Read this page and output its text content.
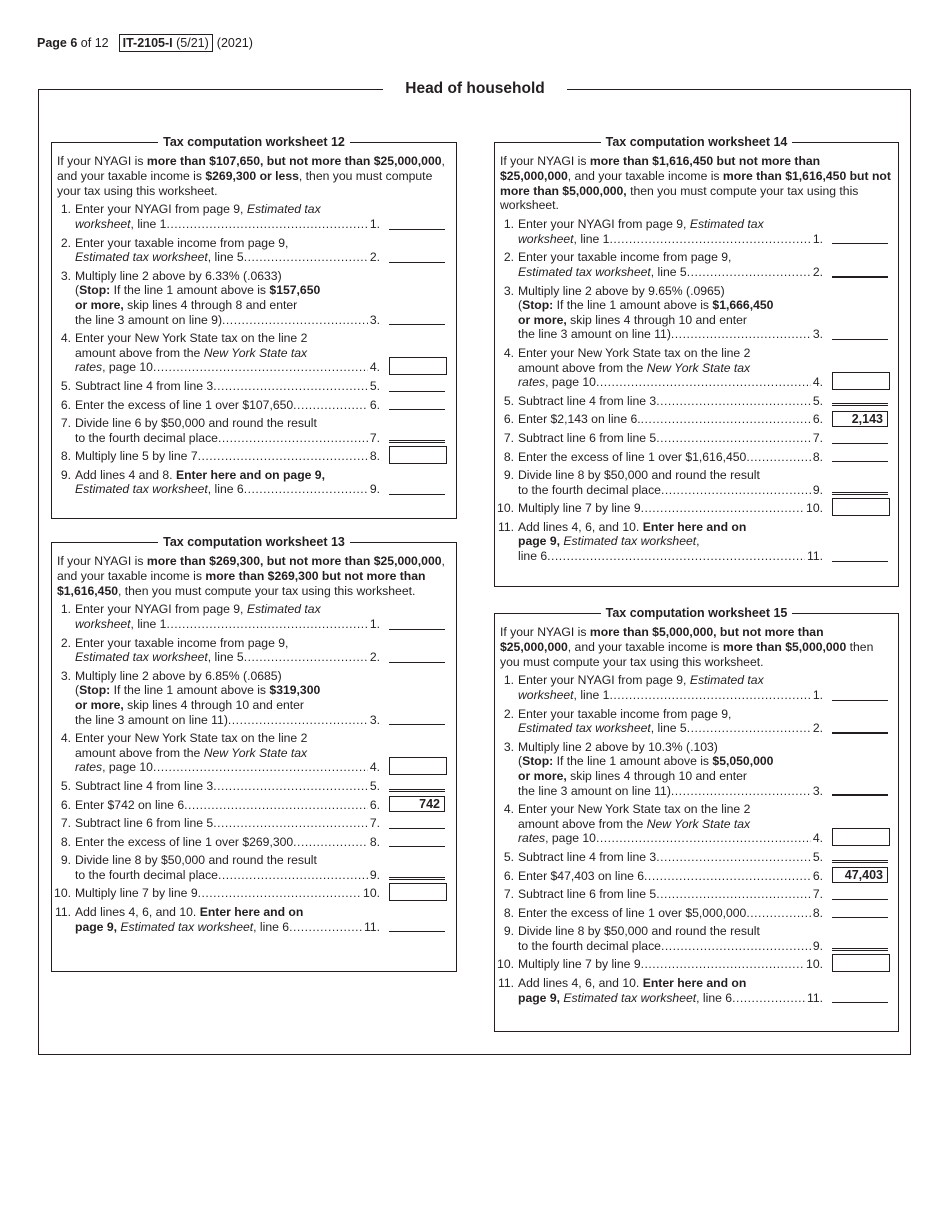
Page 6
of 12	IT-2105-I (5/21) (2021)
Head of household
Tax computation worksheet 12
If your NYAGI is more than $107,650, but not more than $25,000,000, and your taxable income is $269,300 or less, then you must compute your tax using this worksheet.
1. Enter your NYAGI from page 9, Estimated tax
worksheet, line 1 .....	1.
2. Enter your taxable income from page 9,
Estimated tax worksheet, line 5 .....	2.
3. Multiply line 2 above by 6.33% (.0633)
(Stop: If the line 1 amount above is $157,650
or more, skip lines 4 through 8 and enter
the line 3 amount on line 9) .....	3.
4. Enter your New York State tax on the line 2
amount above from the New York State tax
rates, page 10 .....	4.
5. Subtract line 4 from line 3 .....	5.
6. Enter the excess of line 1 over $107,650 .....	6.
7. Divide line 6 by $50,000 and round the result
to the fourth decimal place .....	7.
8. Multiply line 5 by line 7 .....	8.
9. Add lines 4 and 8. Enter here and on page 9,
Estimated tax worksheet, line 6 .....	9.
Tax computation worksheet 13
If your NYAGI is more than $269,300, but not more than $25,000,000, and your taxable income is more than $269,300 but not more than $1,616,450, then you must compute your tax using this worksheet.
1. Enter your NYAGI from page 9, Estimated tax
worksheet, line 1 .....	1.
2. Enter your taxable income from page 9,
Estimated tax worksheet, line 5 .....	2.
3. Multiply line 2 above by 6.85% (.0685)
(Stop: If the line 1 amount above is $319,300
or more, skip lines 4 through 10 and enter
the line 3 amount on line 11) .....	3.
4. Enter your New York State tax on the line 2
amount above from the New York State tax
rates, page 10 .....	4.
5. Subtract line 4 from line 3 .....	5.
6. Enter $742 on line 6 .....	6.	742
7. Subtract line 6 from line 5 .....	7.
8. Enter the excess of line 1 over $269,300 .....	8.
9. Divide line 8 by $50,000 and round the result
to the fourth decimal place .....	9.
10. Multiply line 7 by line 9 .....	10.
11. Add lines 4, 6, and 10. Enter here and on
page 9, Estimated tax worksheet, line 6 .....	11.
Tax computation worksheet 14
If your NYAGI is more than $1,616,450 but not more than $25,000,000, and your taxable income is more than $1,616,450 but not more than $5,000,000, then you must compute your tax using this worksheet.
1. Enter your NYAGI from page 9, Estimated tax
worksheet, line 1 .....	1.
2. Enter your taxable income from page 9,
Estimated tax worksheet, line 5 .....	2.
3. Multiply line 2 above by 9.65% (.0965)
(Stop: If the line 1 amount above is $1,666,450
or more, skip lines 4 through 10 and enter
the line 3 amount on line 11) .....	3.
4. Enter your New York State tax on the line 2
amount above from the New York State tax
rates, page 10 .....	4.
5. Subtract line 4 from line 3 .....	5.
6. Enter $2,143 on line 6. .....	6.	2,143
7. Subtract line 6 from line 5 .....	7.
8. Enter the excess of line 1 over $1,616,450 .....	8.
9. Divide line 8 by $50,000 and round the result
to the fourth decimal place .....	9.
10. Multiply line 7 by line 9 .....	10.
11. Add lines 4, 6, and 10. Enter here and on
page 9, Estimated tax worksheet,
line 6 .....	11.
Tax computation worksheet 15
If your NYAGI is more than $5,000,000, but not more than $25,000,000, and your taxable income is more than $5,000,000 then you must compute your tax using this worksheet.
1. Enter your NYAGI from page 9, Estimated tax
worksheet, line 1 .....	1.
2. Enter your taxable income from page 9,
Estimated tax worksheet, line 5 .....	2.
3. Multiply line 2 above by 10.3% (.103)
(Stop: If the line 1 amount above is $5,050,000
or more, skip lines 4 through 10 and enter
the line 3 amount on line 11) .....	3.
4. Enter your New York State tax on the line 2
amount above from the New York State tax
rates, page 10 .....	4.
5. Subtract line 4 from line 3 .....	5.
6. Enter $47,403 on line 6 .....	6.	47,403
7. Subtract line 6 from line 5 .....	7.
8. Enter the excess of line 1 over $5,000,000 .....	8.
9. Divide line 8 by $50,000 and round the result
to the fourth decimal place .....	9.
10. Multiply line 7 by line 9 .....	10.
11. Add lines 4, 6, and 10. Enter here and on
page 9, Estimated tax worksheet, line 6 .....	11.
